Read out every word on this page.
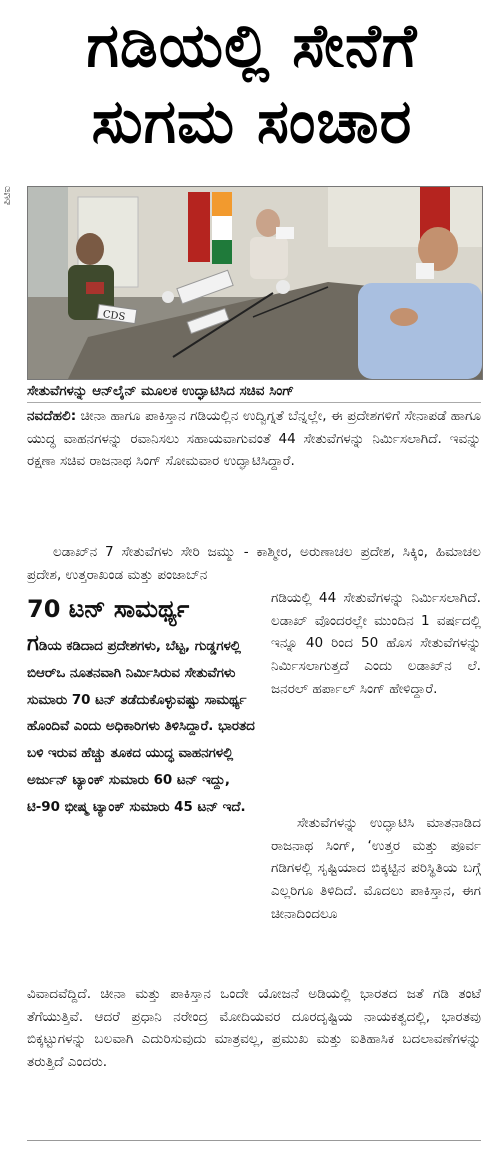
ಗಡಿಯಲ್ಲಿ ಸೇನೆಗೆ
ಸುಗಮ ಸಂಚಾರ
ಪಿಟಿಐ
CDS
ಸೇತುವೆಗಳನ್ನು ಆನ್‌ಲೈನ್ ಮೂಲಕ ಉದ್ಘಾಟಿಸಿದ ಸಚಿವ ಸಿಂಗ್
ನವದೆಹಲಿ: ಚೀನಾ ಹಾಗೂ ಪಾಕಿಸ್ತಾನ ಗಡಿಯಲ್ಲಿನ ಉದ್ವಿಗ್ನತೆ ಬೆನ್ನಲ್ಲೇ, ಈ ಪ್ರದೇಶಗಳಿಗೆ ಸೇನಾಪಡೆ ಹಾಗೂ ಯುದ್ಧ ವಾಹನಗಳನ್ನು ರವಾನಿಸಲು ಸಹಾಯವಾಗುವಂತೆ 44 ಸೇತುವೆಗಳನ್ನು ನಿರ್ಮಿಸಲಾಗಿದೆ. ಇವನ್ನು ರಕ್ಷಣಾ ಸಚಿವ ರಾಜನಾಥ ಸಿಂಗ್ ಸೋಮವಾರ ಉದ್ಘಾಟಿಸಿದ್ದಾರೆ.
ಲಡಾಖ್‌ನ 7 ಸೇತುವೆಗಳು ಸೇರಿ ಜಮ್ಮು - ಕಾಶ್ಮೀರ, ಅರುಣಾಚಲ ಪ್ರದೇಶ, ಸಿಕ್ಕಿಂ, ಹಿಮಾಚಲ ಪ್ರದೇಶ, ಉತ್ತರಾಖಂಡ ಮತ್ತು ಪಂಜಾಬ್‌ನ
70 ಟನ್ ಸಾಮರ್ಥ್ಯ
ಗಡಿಯ ಕಡಿದಾದ ಪ್ರದೇಶಗಳು, ಬೆಟ್ಟ, ಗುಡ್ಡಗಳಲ್ಲಿ ಬಿಆರ್‌ಒ ನೂತನವಾಗಿ ನಿರ್ಮಿಸಿರುವ ಸೇತುವೆಗಳು ಸುಮಾರು 70 ಟನ್ ತಡೆದುಕೊಳ್ಳುವಷ್ಟು ಸಾಮರ್ಥ್ಯ ಹೊಂದಿವೆ ಎಂದು ಅಧಿಕಾರಿಗಳು ತಿಳಿಸಿದ್ದಾರೆ. ಭಾರತದ ಬಳಿ ಇರುವ ಹೆಚ್ಚು ತೂಕದ ಯುದ್ಧ ವಾಹನಗಳಲ್ಲಿ ಅರ್ಜುನ್ ಟ್ಯಾಂಕ್ ಸುಮಾರು 60 ಟನ್ ಇದ್ದು, ಟಿ-90 ಭೀಷ್ಮ ಟ್ಯಾಂಕ್ ಸುಮಾರು 45 ಟನ್ ಇದೆ.
ಗಡಿಯಲ್ಲಿ 44 ಸೇತುವೆಗಳನ್ನು ನಿರ್ಮಿಸಲಾಗಿದೆ. ಲಡಾಖ್ ವೊಂದರಲ್ಲೇ ಮುಂದಿನ 1 ವರ್ಷದಲ್ಲಿ ಇನ್ನೂ 40 ರಿಂದ 50 ಹೊಸ ಸೇತುವೆಗಳನ್ನು ನಿರ್ಮಿಸಲಾಗುತ್ತದೆ ಎಂದು ಲಡಾಖ್‌ನ ಲೆ. ಜನರಲ್ ಹರ್ಪಾಲ್ ಸಿಂಗ್ ಹೇಳಿದ್ದಾರೆ.
ಸೇತುವೆಗಳನ್ನು ಉದ್ಘಾಟಿಸಿ ಮಾತನಾಡಿದ ರಾಜನಾಥ ಸಿಂಗ್, ‘ಉತ್ತರ ಮತ್ತು ಪೂರ್ವ ಗಡಿಗಳಲ್ಲಿ ಸೃಷ್ಟಿಯಾದ ಬಿಕ್ಕಟ್ಟಿನ ಪರಿಸ್ಥಿತಿಯ ಬಗ್ಗೆ ಎಲ್ಲರಿಗೂ ತಿಳಿದಿದೆ. ಮೊದಲು ಪಾಕಿಸ್ತಾನ, ಈಗ ಚೀನಾದಿಂದಲೂ
ವಿವಾದವೆದ್ದಿದೆ. ಚೀನಾ ಮತ್ತು ಪಾಕಿಸ್ತಾನ ಒಂದೇ ಯೋಜನೆ ಅಡಿಯಲ್ಲಿ ಭಾರತದ ಜತೆ ಗಡಿ ತಂಟೆ ತೆಗೆಯುತ್ತಿವೆ. ಆದರೆ ಪ್ರಧಾನಿ ನರೇಂದ್ರ ಮೋದಿಯವರ ದೂರದೃಷ್ಟಿಯ ನಾಯಕತ್ವದಲ್ಲಿ, ಭಾರತವು ಬಿಕ್ಕಟ್ಟುಗಳನ್ನು ಬಲವಾಗಿ ಎದುರಿಸುವುದು ಮಾತ್ರವಲ್ಲ, ಪ್ರಮುಖ ಮತ್ತು ಐತಿಹಾಸಿಕ ಬದಲಾವಣೆಗಳನ್ನು ತರುತ್ತಿದೆ ಎಂದರು.
